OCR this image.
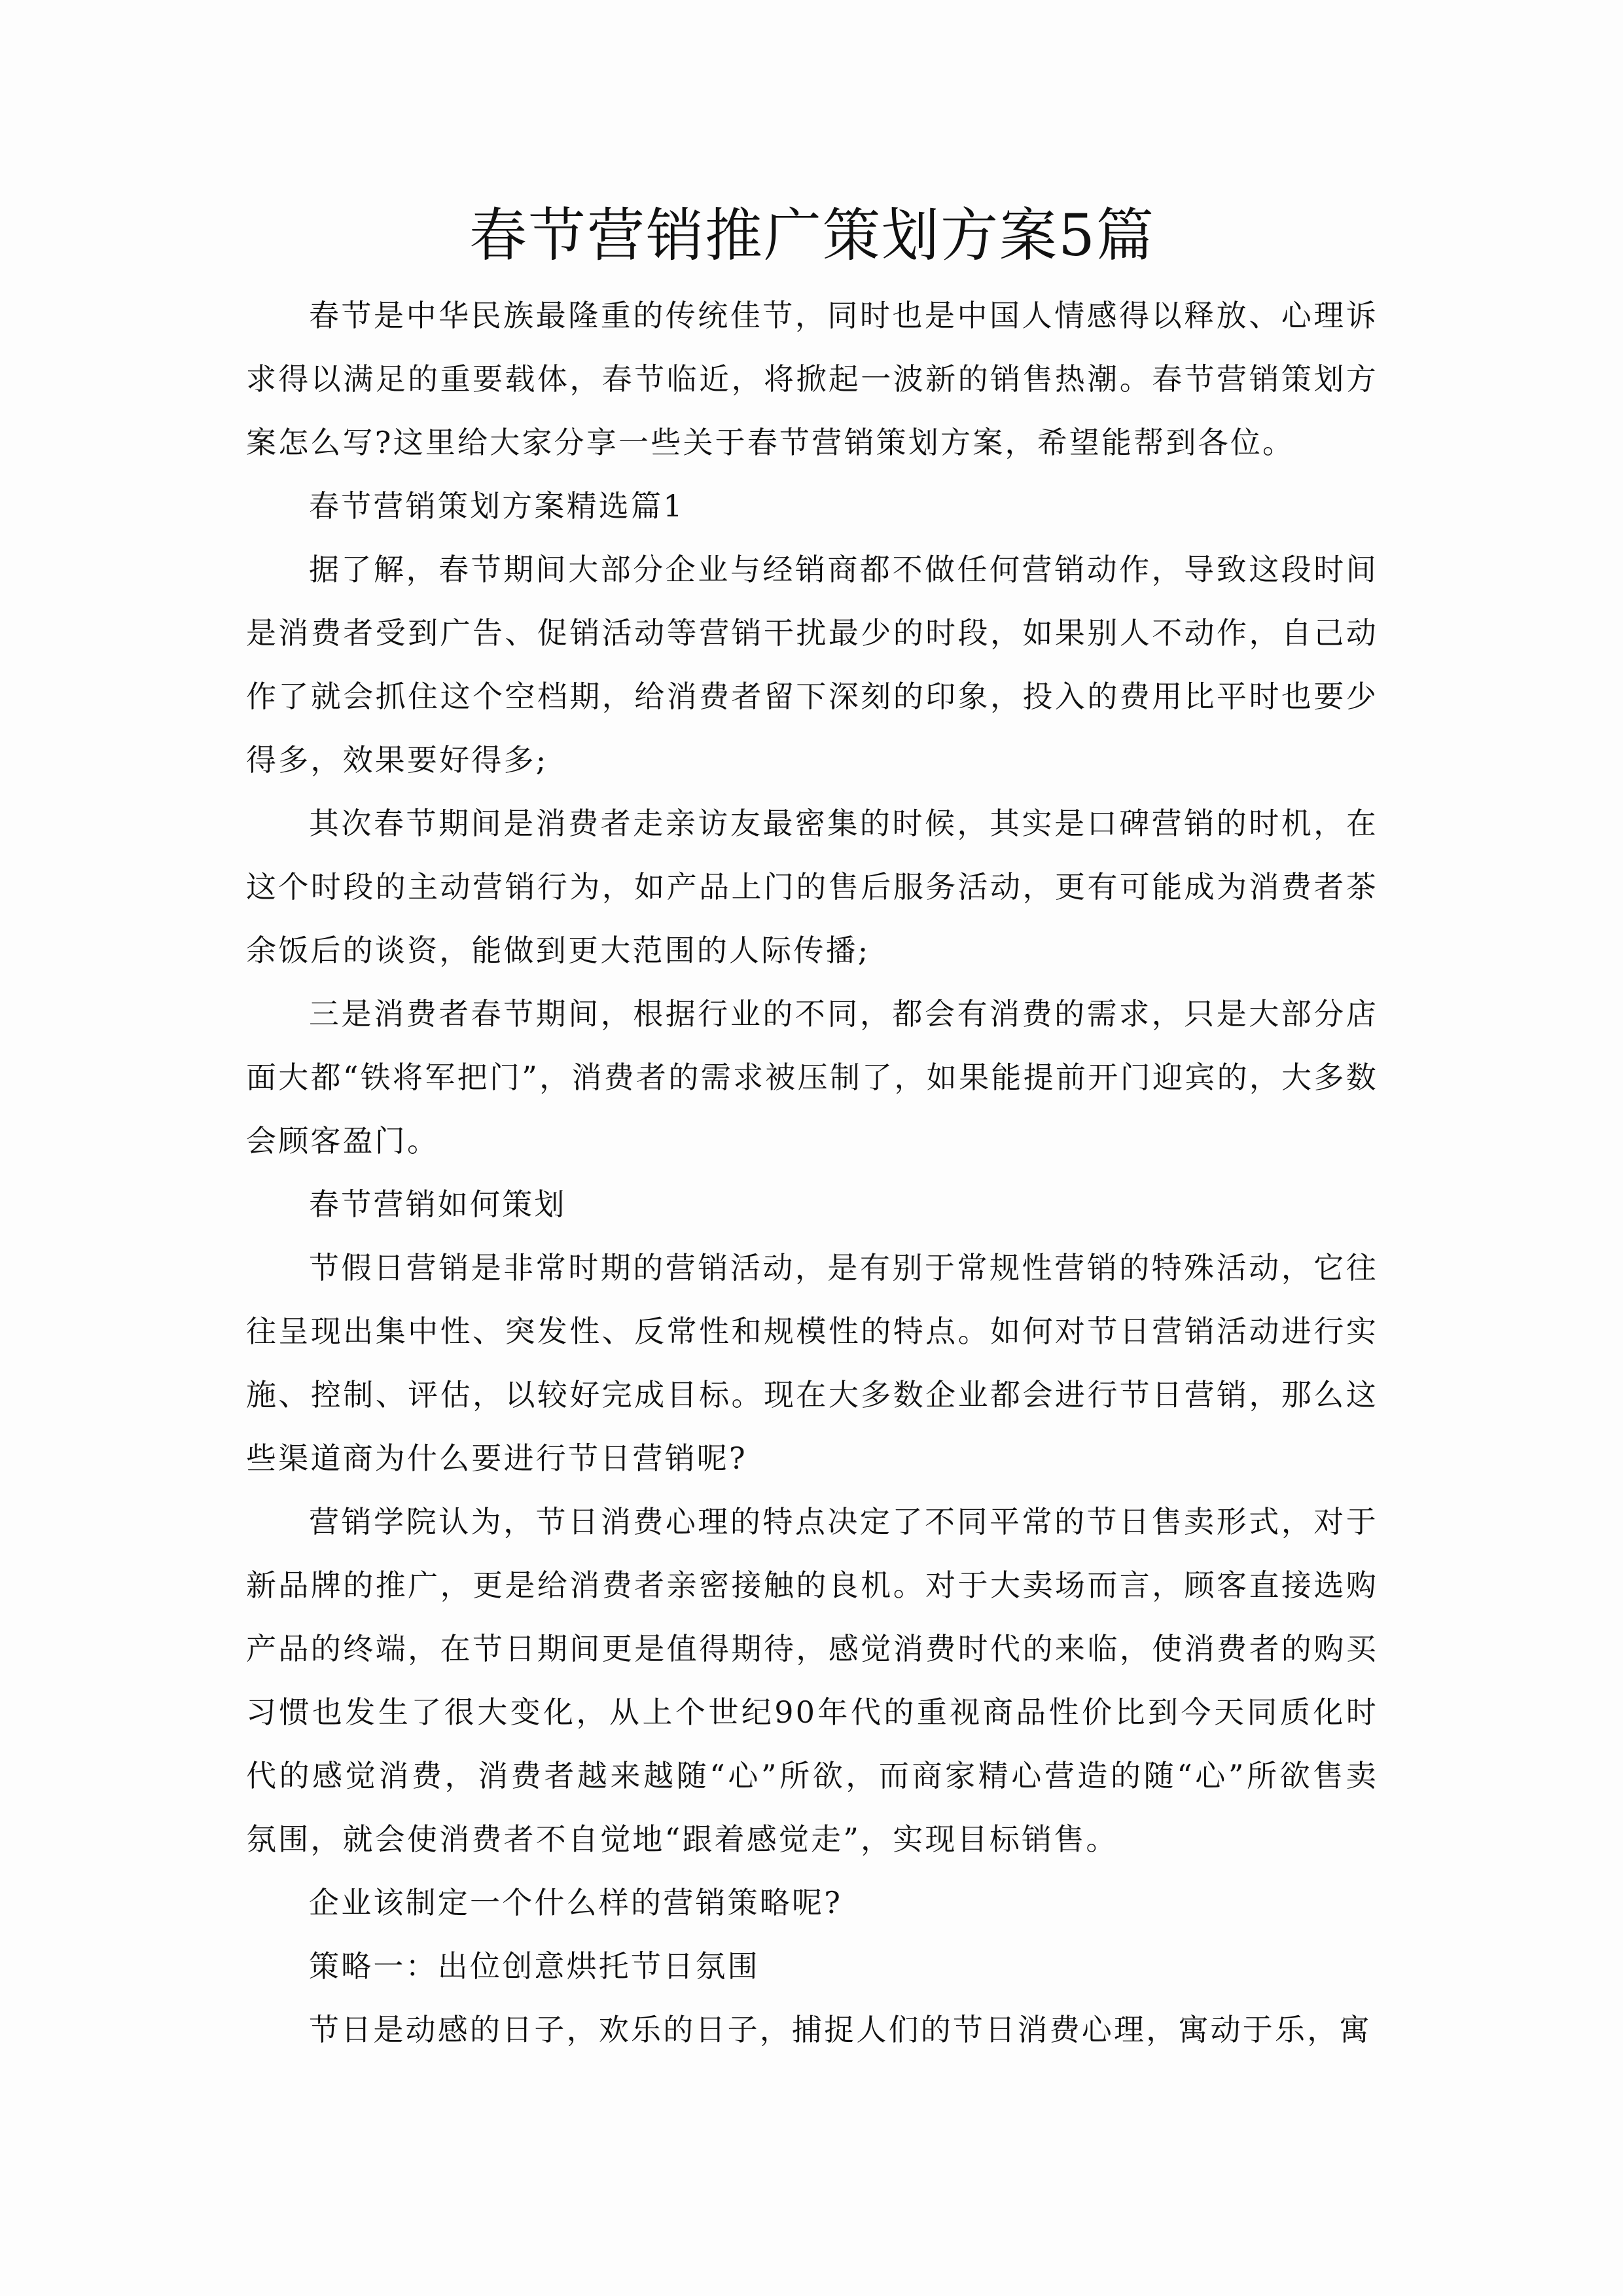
春节营销推广策划方案5篇

春节是中华民族最隆重的传统佳节，同时也是中国人情感得以释放、心理诉求得以满足的重要载体，春节临近，将掀起一波新的销售热潮。春节营销策划方案怎么写?这里给大家分享一些关于春节营销策划方案，希望能帮到各位。

春节营销策划方案精选篇1

据了解，春节期间大部分企业与经销商都不做任何营销动作，导致这段时间是消费者受到广告、促销活动等营销干扰最少的时段，如果别人不动作，自己动作了就会抓住这个空档期，给消费者留下深刻的印象，投入的费用比平时也要少得多，效果要好得多;

其次春节期间是消费者走亲访友最密集的时候，其实是口碑营销的时机，在这个时段的主动营销行为，如产品上门的售后服务活动，更有可能成为消费者茶余饭后的谈资，能做到更大范围的人际传播;

三是消费者春节期间，根据行业的不同，都会有消费的需求，只是大部分店面大都“铁将军把门”，消费者的需求被压制了，如果能提前开门迎宾的，大多数会顾客盈门。

春节营销如何策划

节假日营销是非常时期的营销活动，是有别于常规性营销的特殊活动，它往往呈现出集中性、突发性、反常性和规模性的特点。如何对节日营销活动进行实施、控制、评估，以较好完成目标。现在大多数企业都会进行节日营销，那么这些渠道商为什么要进行节日营销呢?

营销学院认为，节日消费心理的特点决定了不同平常的节日售卖形式，对于新品牌的推广，更是给消费者亲密接触的良机。对于大卖场而言，顾客直接选购产品的终端，在节日期间更是值得期待，感觉消费时代的来临，使消费者的购买习惯也发生了很大变化，从上个世纪90年代的重视商品性价比到今天同质化时代的感觉消费，消费者越来越随“心”所欲，而商家精心营造的随“心”所欲售卖氛围，就会使消费者不自觉地“跟着感觉走”，实现目标销售。

企业该制定一个什么样的营销策略呢?

策略一：出位创意烘托节日氛围

节日是动感的日子，欢乐的日子，捕捉人们的节日消费心理，寓动于乐，寓
